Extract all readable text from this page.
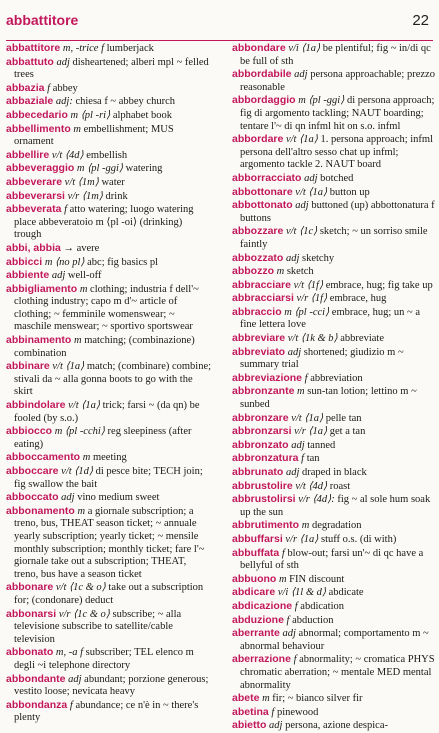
abbattitore	22
abbattitore m, -trice f lumberjack
abbattuto adj disheartened; alberi mpl ~ felled trees
abbazia f abbey
abbaziale adj: chiesa f ~ abbey church
abbecedario m ⟨pl -ri⟩ alphabet book
abbellimento m embellishment; MUS ornament
abbellire v/t ⟨4d⟩ embellish
abbeveraggio m ⟨pl -ggi⟩ watering
abbeverare v/t ⟨1m⟩ water
abbeverarsi v/r ⟨1m⟩ drink
abbeverata f atto watering; luogo watering place abbeveratoio m ⟨pl -oi⟩ (drinking) trough
abbi, abbia → avere
abbicci m ⟨no pl⟩ abc; fig basics pl
abbiente adj well-off
abbigliamento m clothing; industria f dell'~ clothing industry; capo m d'~ article of clothing; ~ femminile womenswear; ~ maschile menswear; ~ sportivo sportswear
abbinamento m matching; (combinazione) combination
abbinare v/t ⟨1a⟩ match; (combinare) combine; stivali da ~ alla gonna boots to go with the skirt
abbindolare v/t ⟨1a⟩ trick; farsi ~ (da qn) be fooled (by s.o.)
abbiocco m ⟨pl -cchi⟩ reg sleepiness (after eating)
abboccamento m meeting
abboccare v/t ⟨1d⟩ di pesce bite; TECH join; fig swallow the bait
abboccato adj vino medium sweet
abbonamento m a giornale subscription; a treno, bus, THEAT season ticket; ~ annuale yearly subscription; yearly ticket; ~ mensile monthly subscription; monthly ticket; fare l'~ giornale take out a subscription; THEAT, treno, bus have a season ticket
abbonare v/t ⟨1c & o⟩ take out a subscription for; (condonare) deduct
abbonarsi v/r ⟨1c & o⟩ subscribe; ~ alla televisione subscribe to satellite/cable television
abbonato m, -a f subscriber; TEL elenco m degli ~i telephone directory
abbondante adj abundant; porzione generous; vestito loose; nevicata heavy
abbondanza f abundance; ce n'è in ~ there's plenty
abbondare v/i ⟨1a⟩ be plentiful; fig ~ in/di qc be full of sth
abbordabile adj persona approachable; prezzo reasonable
abbordaggio m ⟨pl -ggi⟩ di persona approach; fig di argomento tackling; NAUT boarding; tentare l'~ di qn infml hit on s.o. infml
abbordare v/t ⟨1a⟩ 1. persona approach; infml persona dell'altro sesso chat up infml; argomento tackle 2. NAUT board
abborracciato adj botched
abbottonare v/t ⟨1a⟩ button up
abbottonato adj buttoned (up) abbottonatura f buttons
abbozzare v/t ⟨1c⟩ sketch; ~ un sorriso smile faintly
abbozzato adj sketchy
abbozzo m sketch
abbracciare v/t ⟨1f⟩ embrace, hug; fig take up
abbracciarsi v/r ⟨1f⟩ embrace, hug
abbraccio m ⟨pl -cci⟩ embrace, hug; un ~ a fine lettera love
abbreviare v/t ⟨1k & b⟩ abbreviate
abbreviato adj shortened; giudizio m ~ summary trial
abbreviazione f abbreviation
abbronzante m sun-tan lotion; lettino m ~ sunbed
abbronzare v/t ⟨1a⟩ pelle tan
abbronzarsi v/r ⟨1a⟩ get a tan
abbronzato adj tanned
abbronzatura f tan
abbrunato adj draped in black
abbrustolire v/t ⟨4d⟩ roast
abbrustolirsi v/r ⟨4d⟩: fig ~ al sole hum soak up the sun
abbrutimento m degradation
abbuffarsi v/r ⟨1a⟩ stuff o.s. (di with)
abbuffata f blow-out; farsi un'~ di qc have a bellyful of sth
abbuono m FIN discount
abdicare v/i ⟨1l & d⟩ abdicate
abdicazione f abdication
abduzione f abduction
aberrante adj abnormal; comportamento m ~ abnormal behaviour
aberrazione f abnormality; ~ cromatica PHYS chromatic aberration; ~ mentale MED mental abnormality
abete m fir; ~ bianco silver fir
abetina f pinewood
abietto adj persona, azione despica-
